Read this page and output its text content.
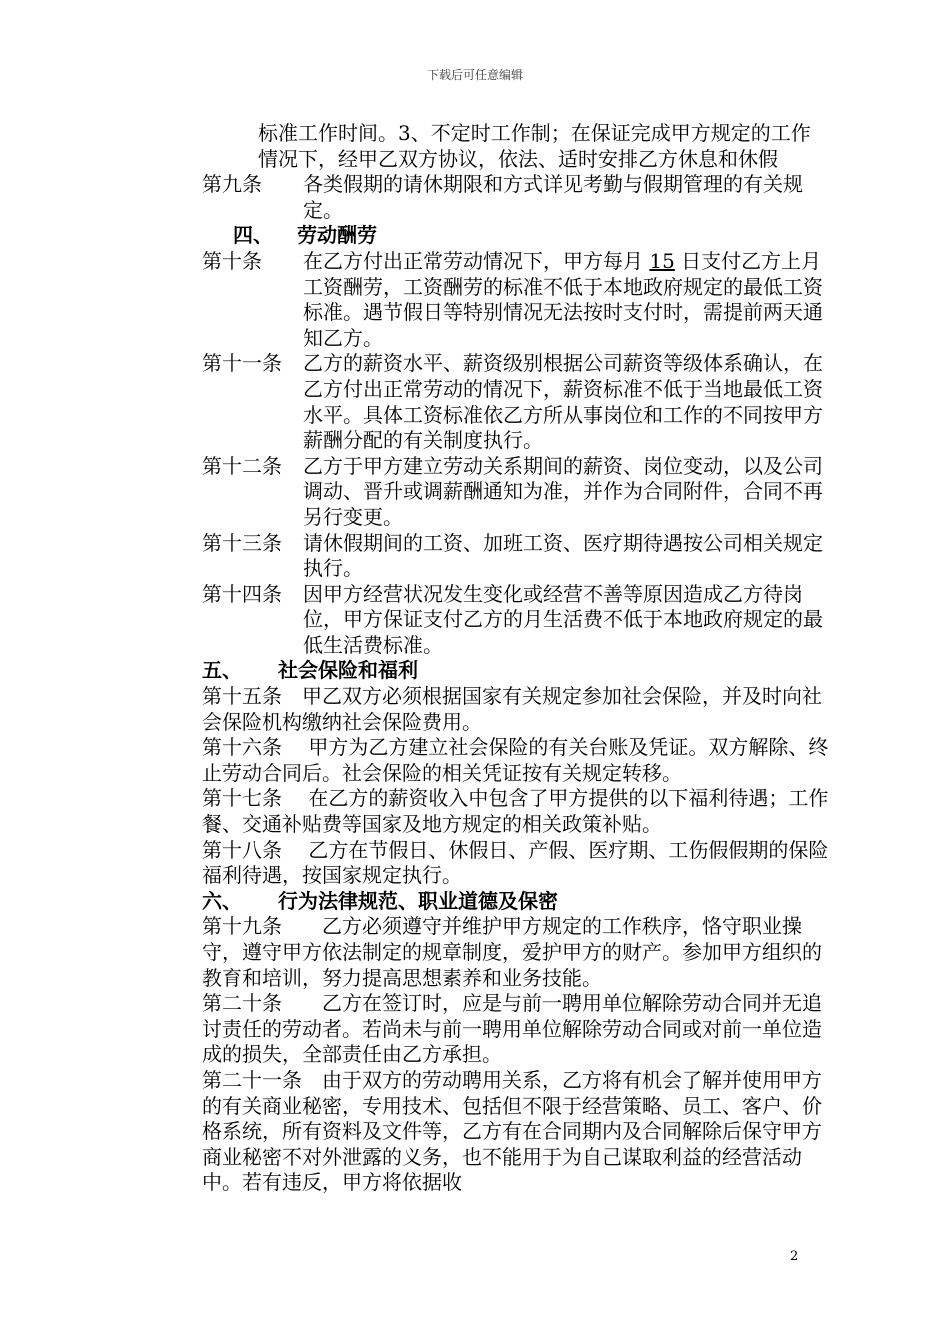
下载后可任意编辑
标准工作时间。3、不定时工作制；在保证完成甲方规定的工作情况下，经甲乙双方协议，依法、适时安排乙方休息和休假
第九条 各类假期的请休期限和方式详见考勤与假期管理的有关规定。
四、 劳动酬劳
第十条 在乙方付出正常劳动情况下，甲方每月 15 日支付乙方上月工资酬劳，工资酬劳的标准不低于本地政府规定的最低工资标准。遇节假日等特别情况无法按时支付时，需提前两天通知乙方。
第十一条 乙方的薪资水平、薪资级别根据公司薪资等级体系确认，在乙方付出正常劳动的情况下，薪资标准不低于当地最低工资水平。具体工资标准依乙方所从事岗位和工作的不同按甲方薪酬分配的有关制度执行。
第十二条 乙方于甲方建立劳动关系期间的薪资、岗位变动，以及公司调动、晋升或调薪酬通知为准，并作为合同附件，合同不再另行变更。
第十三条 请休假期间的工资、加班工资、医疗期待遇按公司相关规定执行。
第十四条 因甲方经营状况发生变化或经营不善等原因造成乙方待岗位，甲方保证支付乙方的月生活费不低于本地政府规定的最低生活费标准。
五、 社会保险和福利
第十五条　甲乙双方必须根据国家有关规定参加社会保险，并及时向社会保险机构缴纳社会保险费用。
第十六条　 甲方为乙方建立社会保险的有关台账及凭证。双方解除、终止劳动合同后。社会保险的相关凭证按有关规定转移。
第十七条　 在乙方的薪资收入中包含了甲方提供的以下福利待遇；工作餐、交通补贴费等国家及地方规定的相关政策补贴。
第十八条　 乙方在节假日、休假日、产假、医疗期、工伤假假期的保险福利待遇，按国家规定执行。
六、 行为法律规范、职业道德及保密
第十九条　　乙方必须遵守并维护甲方规定的工作秩序，恪守职业操守，遵守甲方依法制定的规章制度，爱护甲方的财产。参加甲方组织的教育和培训，努力提高思想素养和业务技能。
第二十条　　乙方在签订时，应是与前一聘用单位解除劳动合同并无追讨责任的劳动者。若尚未与前一聘用单位解除劳动合同或对前一单位造成的损失，全部责任由乙方承担。
第二十一条　由于双方的劳动聘用关系，乙方将有机会了解并使用甲方的有关商业秘密，专用技术、包括但不限于经营策略、员工、客户、价格系统，所有资料及文件等，乙方有在合同期内及合同解除后保守甲方商业秘密不对外泄露的义务，也不能用于为自己谋取利益的经营活动中。若有违反，甲方将依据收
2
